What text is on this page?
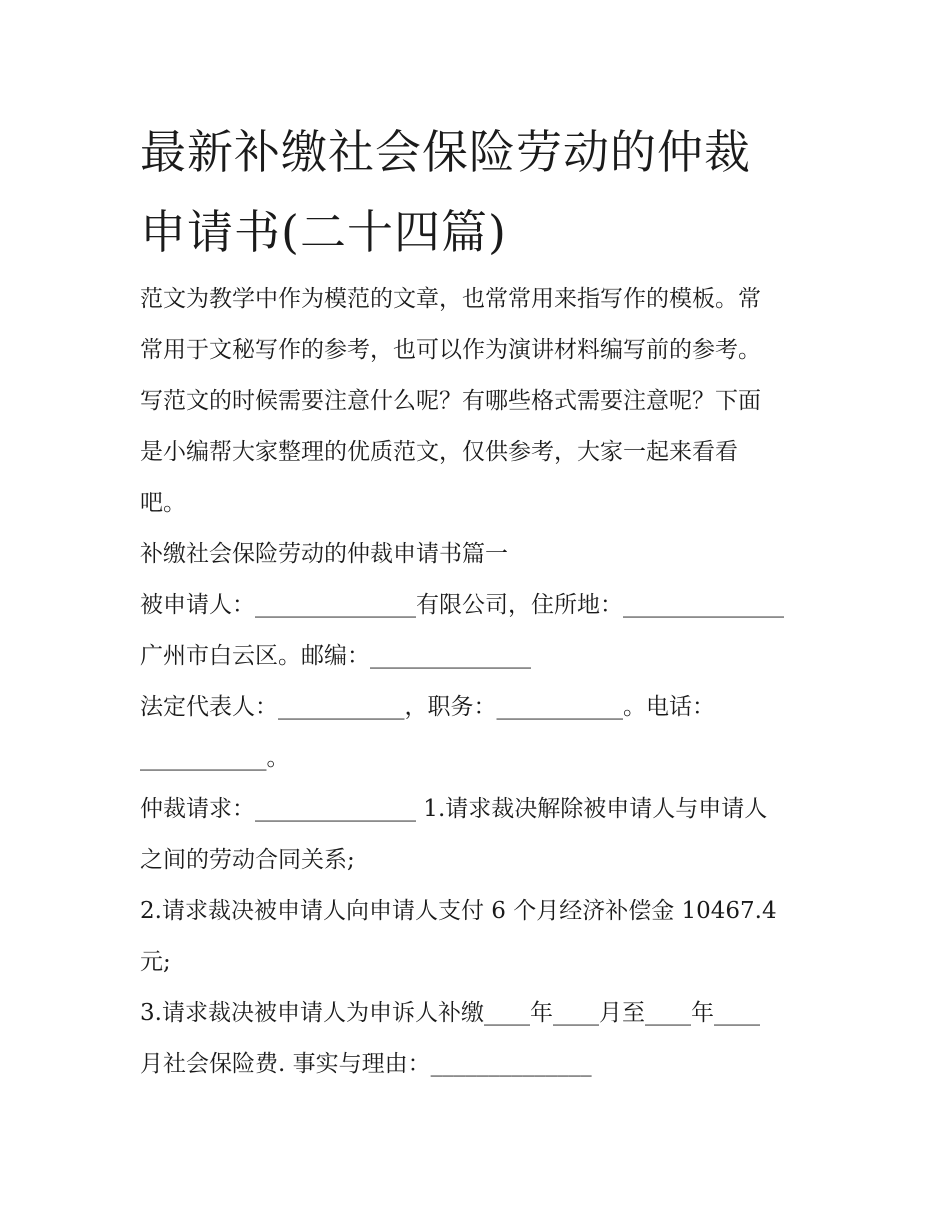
最新补缴社会保险劳动的仲裁
申请书(二十四篇)
范文为教学中作为模范的文章，也常常用来指写作的模板。常
常用于文秘写作的参考，也可以作为演讲材料编写前的参考。
写范文的时候需要注意什么呢？有哪些格式需要注意呢？下面
是小编帮大家整理的优质范文，仅供参考，大家一起来看看
吧。
补缴社会保险劳动的仲裁申请书篇一
被申请人：______________有限公司，住所地：______________
广州市白云区。邮编：______________
法定代表人：___________，职务：___________。电话：
___________。
仲裁请求：______________ 1.请求裁决解除被申请人与申请人
之间的劳动合同关系;
2.请求裁决被申请人向申请人支付 6 个月经济补偿金 10467.4
元;
3.请求裁决被申请人为申诉人补缴____年____月至____年____
月社会保险费. 事实与理由：______________
